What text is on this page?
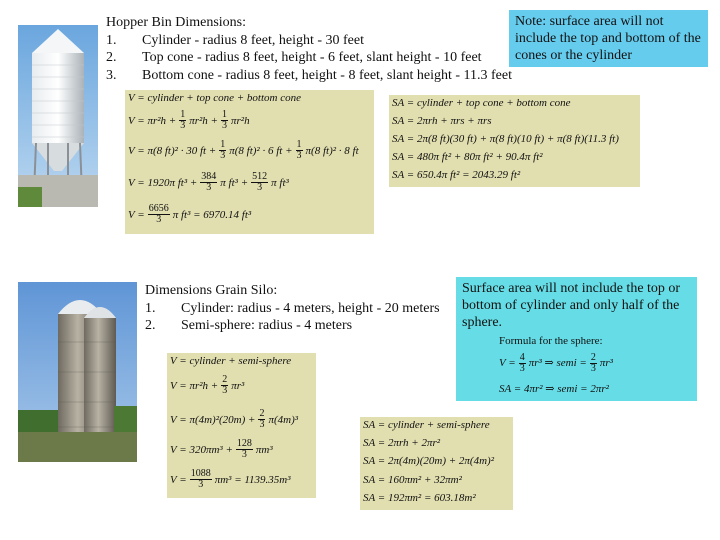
Hopper Bin Dimensions:
1.	Cylinder - radius 8 feet, height - 30 feet
2.	Top cone - radius 8 feet, height - 6 feet, slant height - 10 feet
3.	Bottom cone - radius 8 feet, height - 8 feet, slant height - 11.3 feet
Note: surface area will not include the top and bottom of the cones or the cylinder
V = cylinder + top cone + bottom cone
$V = \pi r^2h + \frac{1}{3} \pi r^2h + \frac{1}{3} \pi r^2h$
V = π(8 ft)² · 30 ft + $\frac{1}{3} \pi(8$ ft)² · 6 ft + $\frac{1}{3} \pi(8$ ft)² · 8 ft
V = 1920π $ft^3 + \frac{384}{3}$ π $ft^3 + \frac{512}{3}$ π ft³
$V = \frac{6656}{3}$ π ft³ = 6970.14 ft³
SA = cylinder + top cone + bottom cone
SA = 2πrh + πrs + πrs
SA = 2π(8 ft)(30 ft) + π(8 ft)(10 ft) + π(8 ft)(11.3 ft)
SA = 480π ft² + 80π ft² + 90.4π ft²
SA = 650.4π ft² = 2043.29 ft²
Dimensions Grain Silo:
1.	Cylinder: radius - 4 meters, height - 20 meters
2.	Semi-sphere: radius - 4 meters
Surface area will not include the top or bottom of cylinder and only half of the sphere.
Formula for the sphere:
$V = \frac{4}{3} \pi r^3$ ⇒ semi = $\frac{2}{3} \pi r^3$
SA = 4πr² ⇒ semi = 2πr²
V = cylinder + semi-sphere
$V = \pi r^2h + \frac{2}{3} \pi r^3$
$V = \pi(4m)^2(20m) + \frac{2}{3} \pi(4m)^3$
$V = 320\pi m^3 + \frac{128}{3} \pi m^3$
$V = \frac{1088}{3} \pi m^3 = 1139.35m^3$
SA = cylinder + semi-sphere
SA = 2πrh + 2πr²
SA = 2π(4m)(20m) + 2π(4m)²
SA = 160πm² + 32πm²
SA = 192πm² = 603.18m²
